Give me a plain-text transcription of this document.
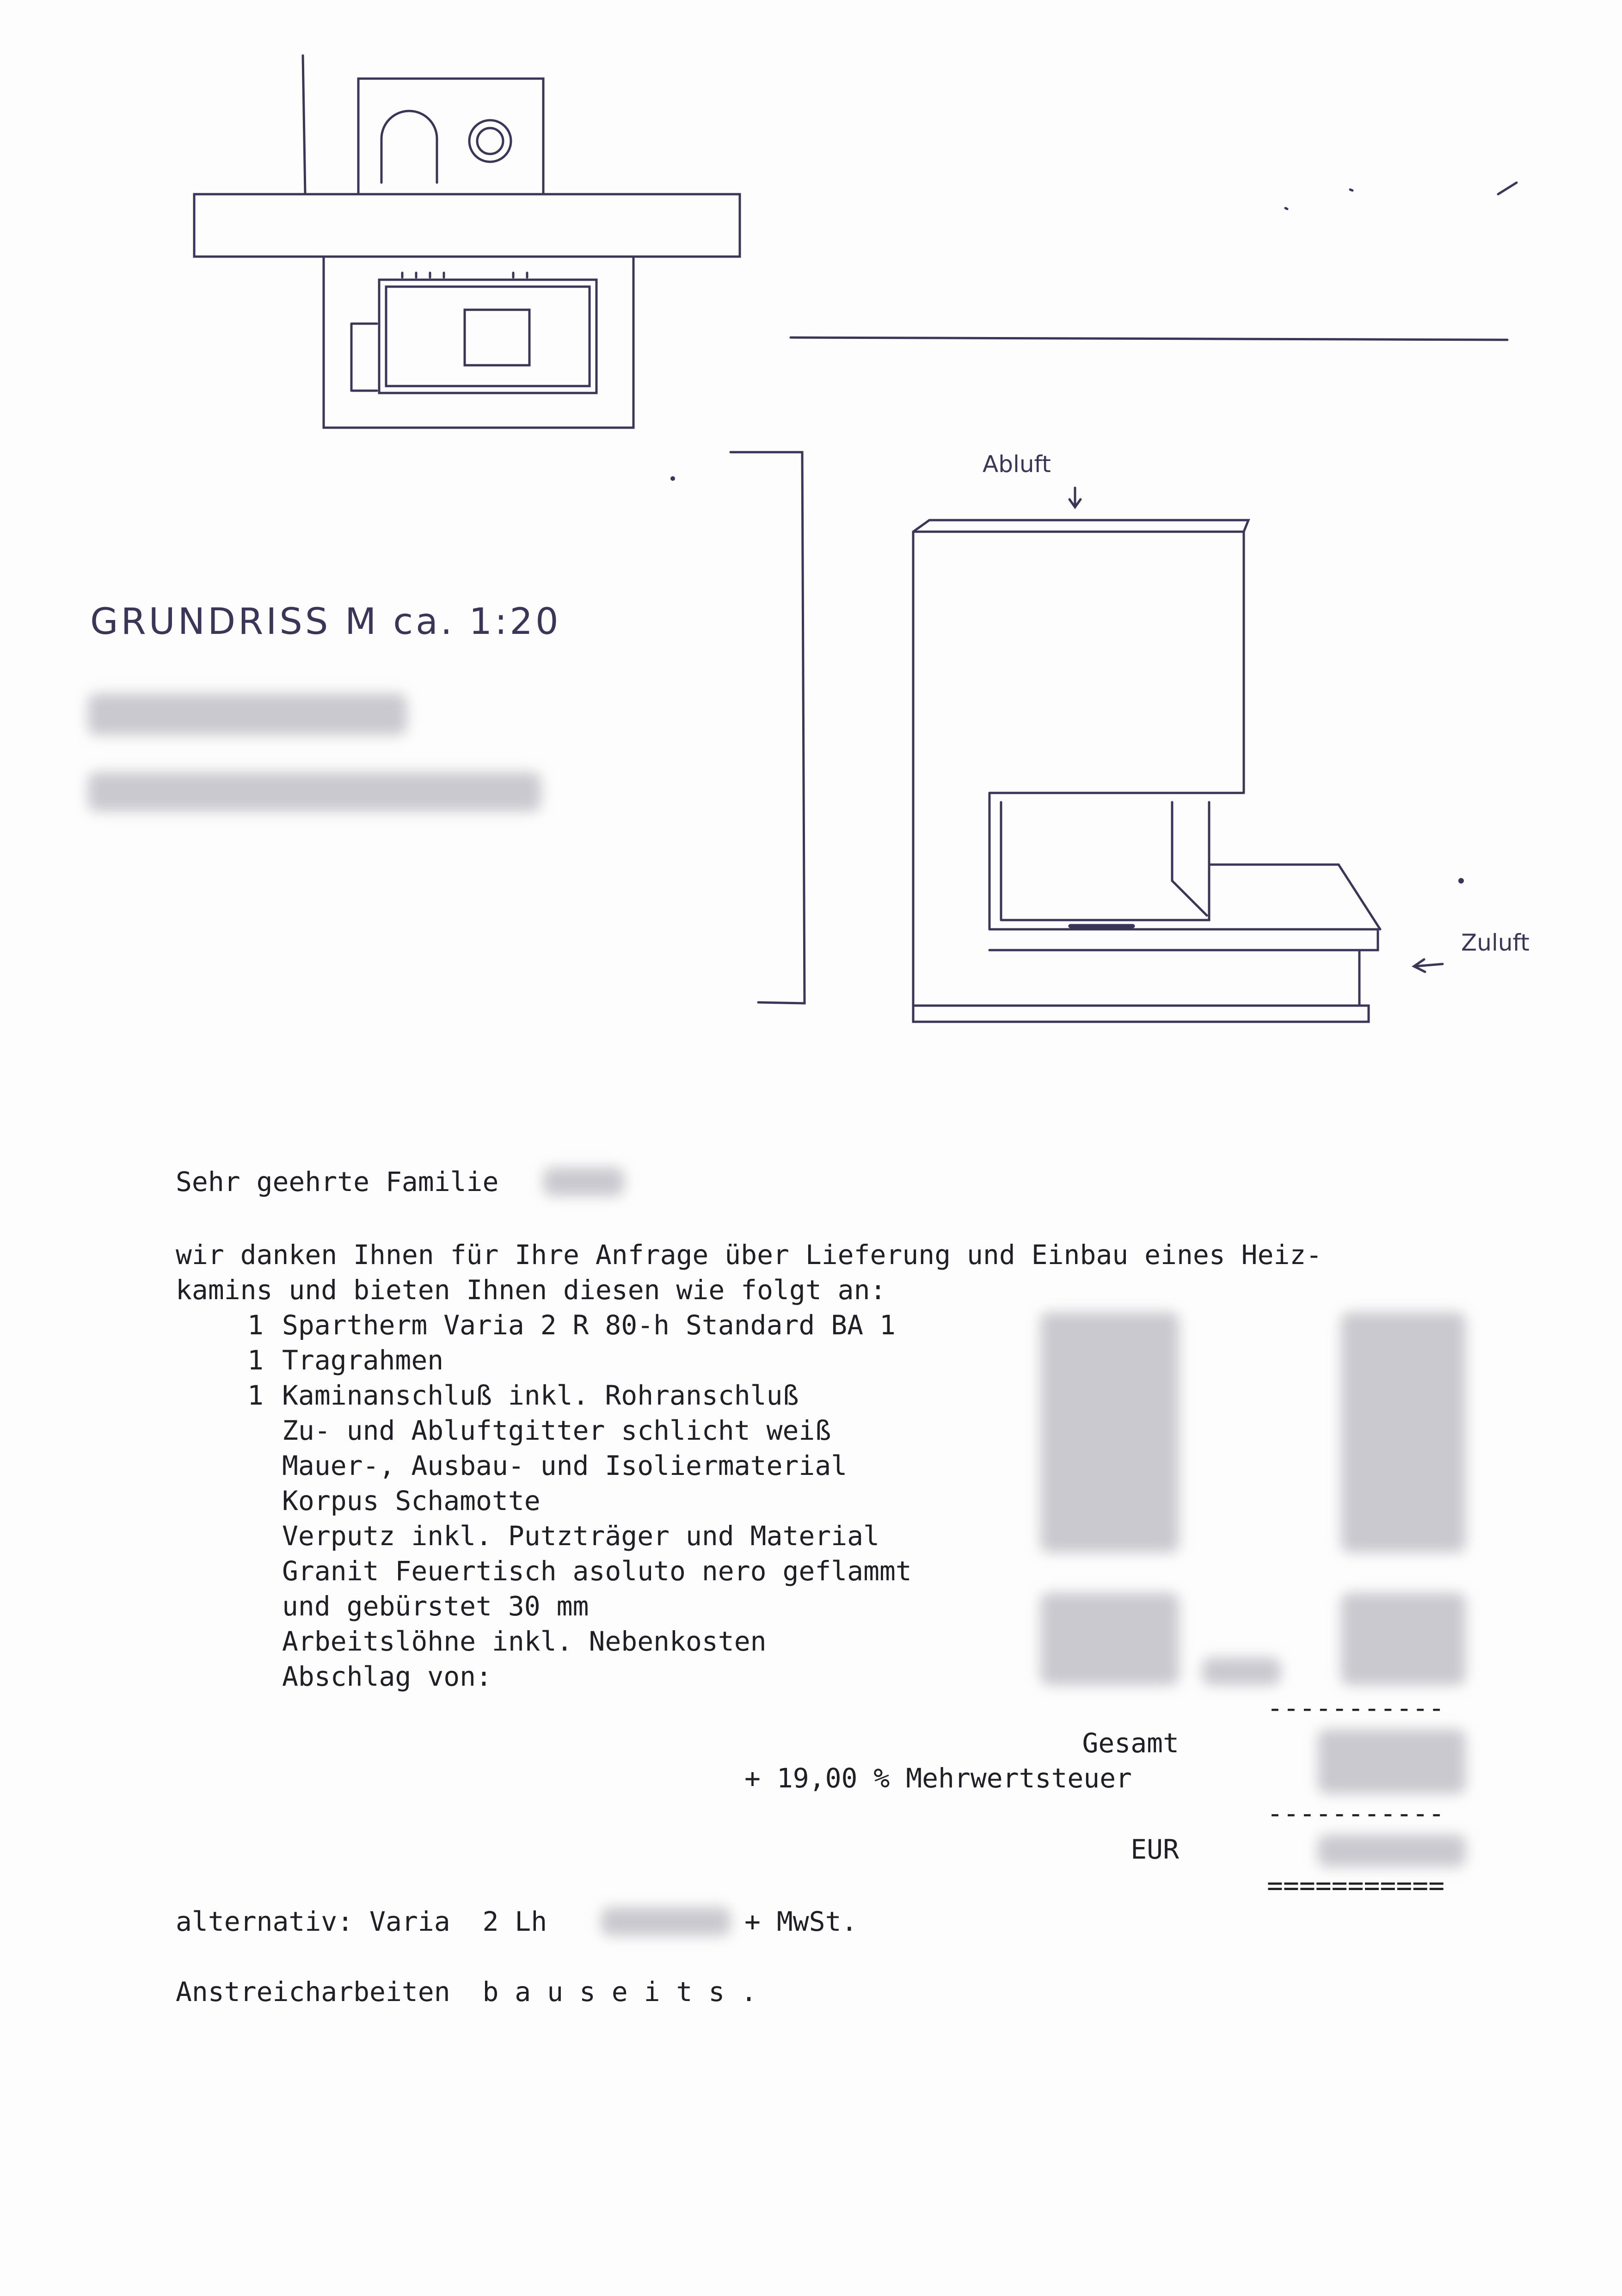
GRUNDRISS M ca. 1:20
Abluft
Zuluft
Sehr geehrte Familie
wir danken Ihnen für Ihre Anfrage über Lieferung und Einbau eines Heiz-
kamins und bieten Ihnen diesen wie folgt an:
1 Spartherm Varia 2 R 80-h Standard BA 1
1 Tragrahmen
1 Kaminanschluß inkl. Rohranschluß
Zu- und Abluftgitter schlicht weiß
Mauer-, Ausbau- und Isoliermaterial
Korpus Schamotte
Verputz inkl. Putzträger und Material
Granit Feuertisch asoluto nero geflammt
und gebürstet 30 mm
Arbeitslöhne inkl. Nebenkosten
Abschlag von:
-----------
Gesamt
+ 19,00 % Mehrwertsteuer
-----------
EUR
===========
alternativ: Varia  2 Lh	+ MwSt.
Anstreicharbeiten  b a u s e i t s .
